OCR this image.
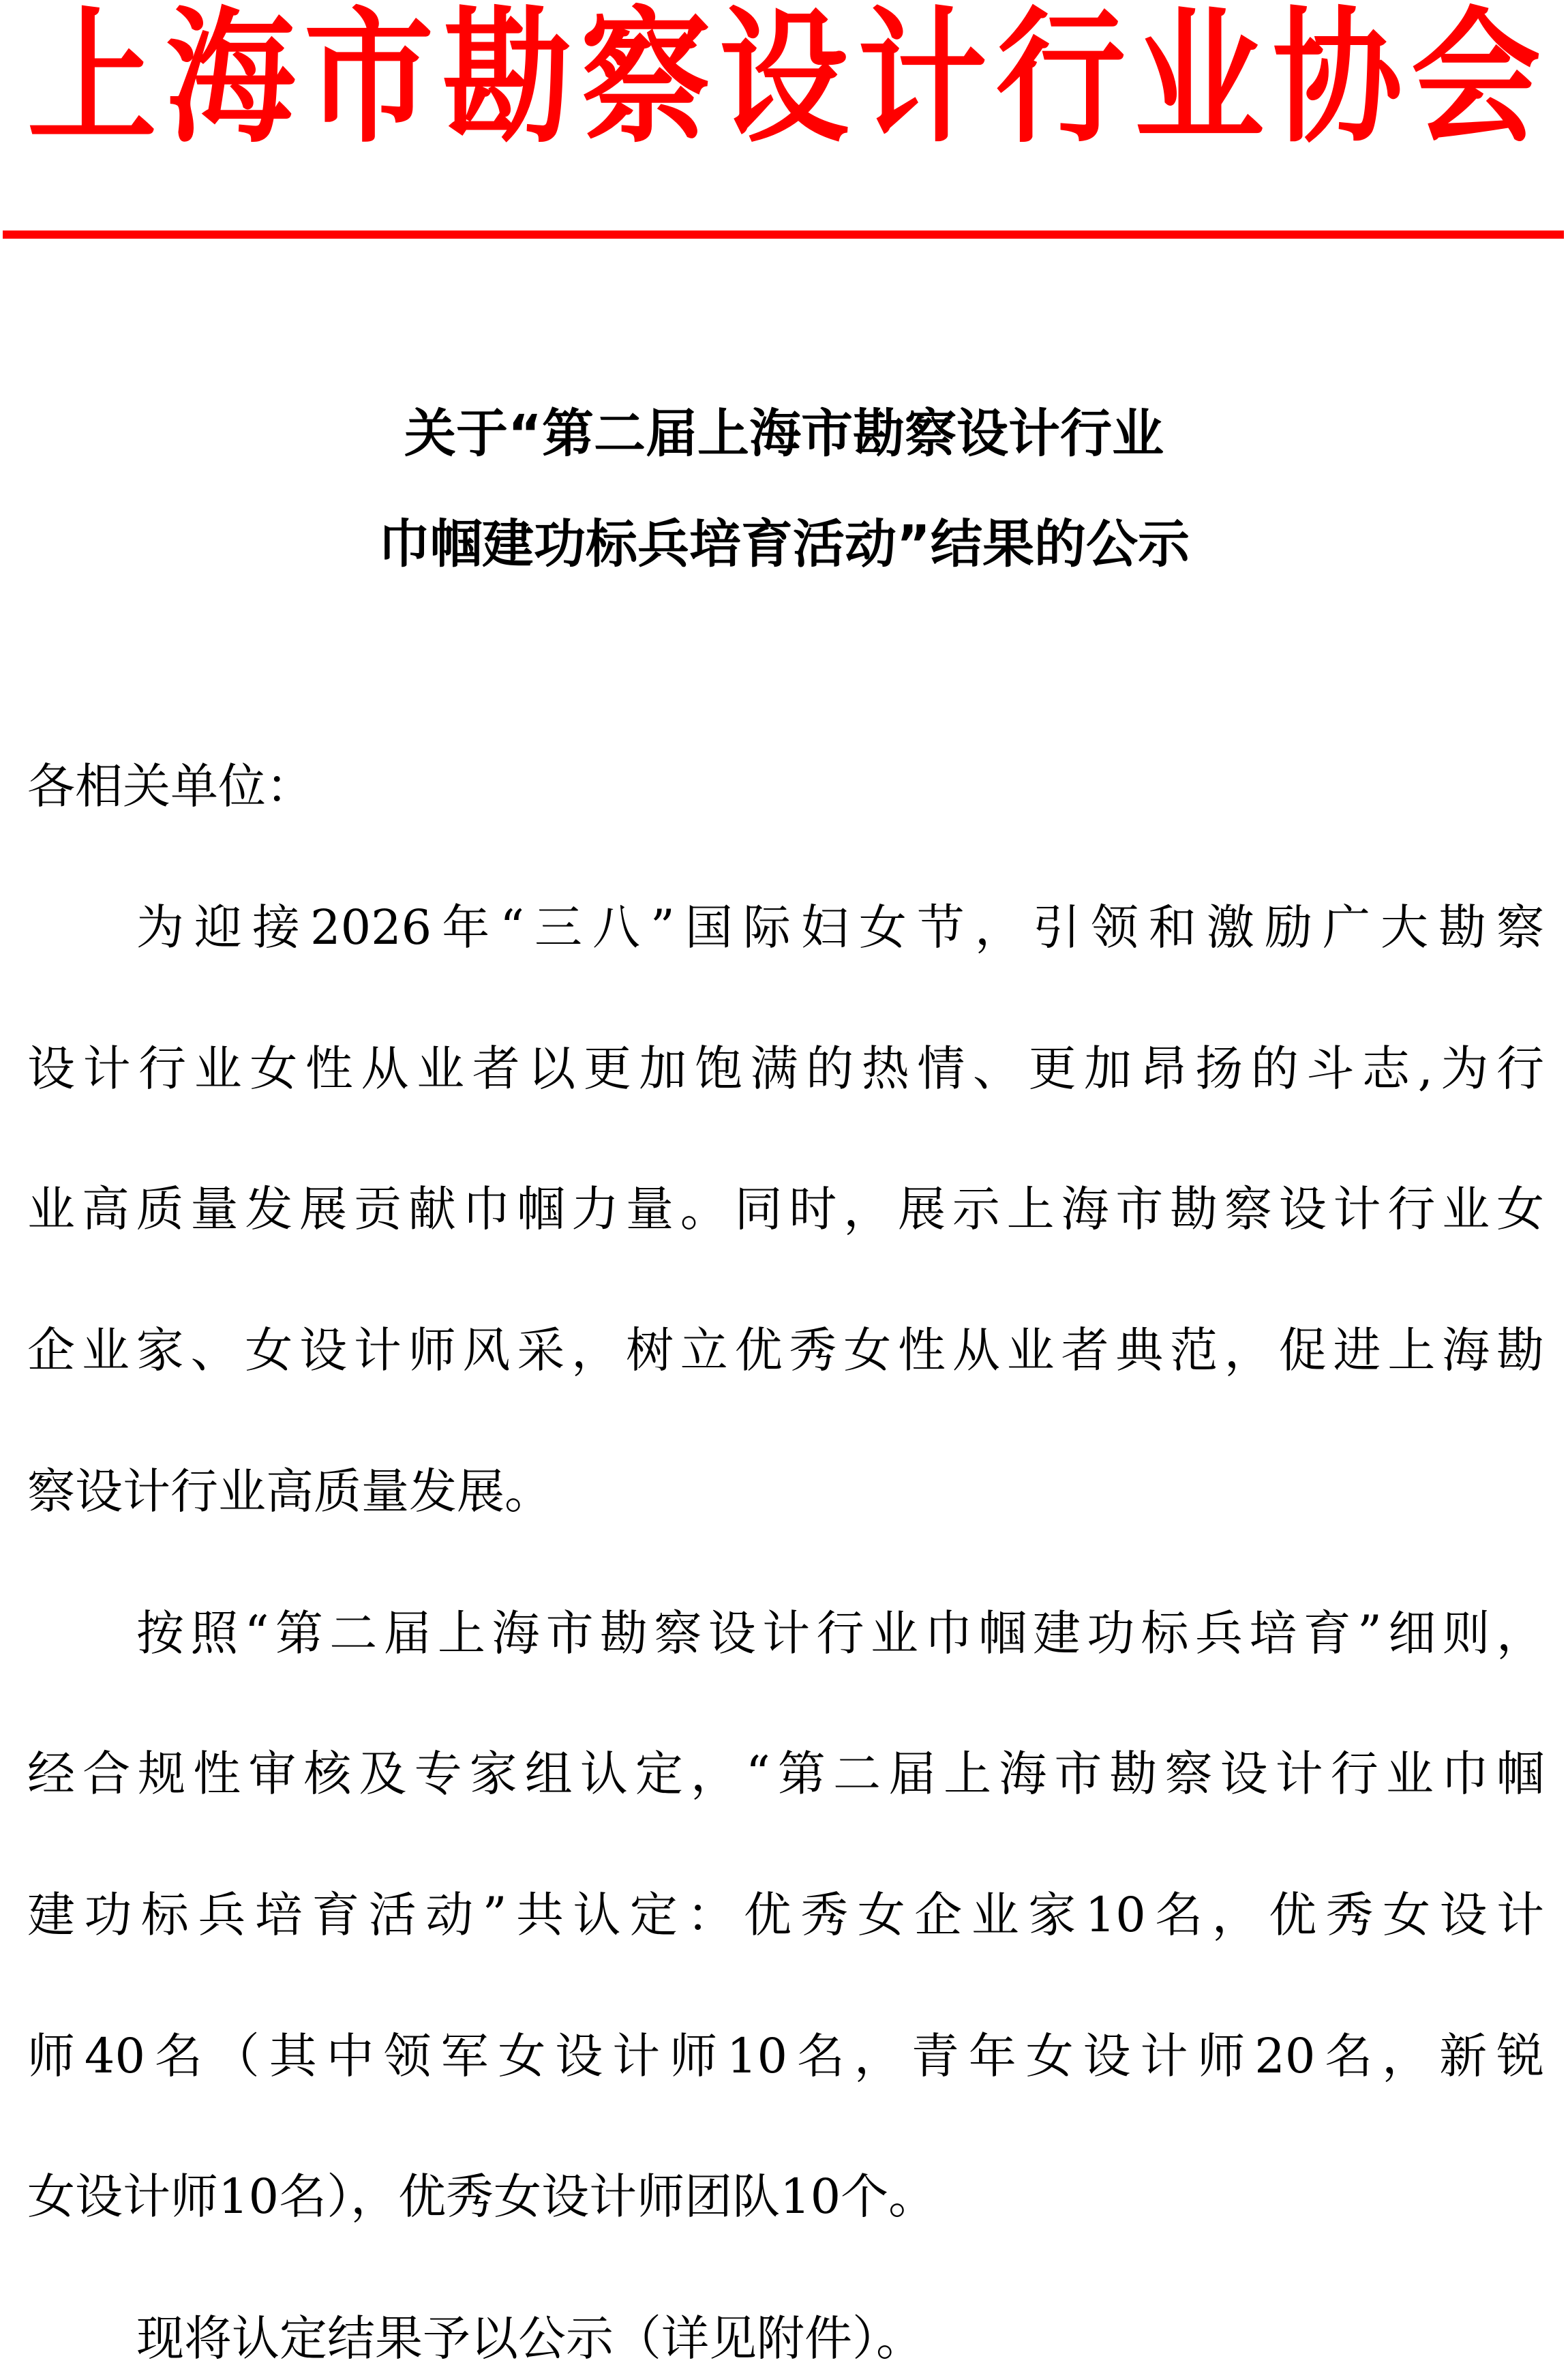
上 海 市 勘 察 设 计 行 业 协 会
关于“第二届上海市勘察设计行业
巾帼建功标兵培育活动”结果的公示
各相关单位：
为迎接2026年“三八”国际妇女节，引领和激励广大勘察
设计行业女性从业者以更加饱满的热情、更加昂扬的斗志,为行
业高质量发展贡献巾帼力量。同时，展示上海市勘察设计行业女
企业家、女设计师风采，树立优秀女性从业者典范，促进上海勘
察设计行业高质量发展。
按照“第二届上海市勘察设计行业巾帼建功标兵培育”细则，
经合规性审核及专家组认定，“第二届上海市勘察设计行业巾帼
建功标兵培育活动”共认定：优秀女企业家10名，优秀女设计
师40名（其中领军女设计师10名，青年女设计师20名，新锐
女设计师10名），优秀女设计师团队10个。
现将认定结果予以公示（详见附件）。
